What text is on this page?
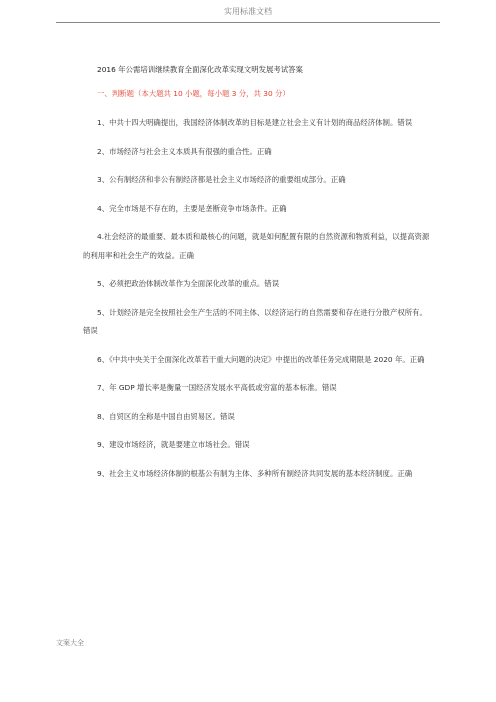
实用标准文档

2016 年公需培训继续教育全面深化改革实现文明发展考试答案

一、判断题（本大题共 10 小题，每小题 3 分，共 30 分）

1、中共十四大明确提出，我国经济体制改革的目标是建立社会主义有计划的商品经济体制。错误

2、市场经济与社会主义本质具有很强的重合性。正确

3、公有制经济和非公有制经济都是社会主义市场经济的重要组成部分。正确

4、完全市场是不存在的，主要是垄断竞争市场条件。正确

4.社会经济的最重要、最本质和最核心的问题，就是如何配置有限的自然资源和物质利益，以提高资源的利用率和社会生产的效益。正确

5、必须把政治体制改革作为全面深化改革的重点。错误

5、计划经济是完全按照社会生产生活的不同主体、以经济运行的自然需要和存在进行分散产权所有。错误

6、《中共中央关于全面深化改革若干重大问题的决定》中提出的改革任务完成期限是 2020 年。正确

7、年 GDP 增长率是衡量一国经济发展水平高低或穷富的基本标准。错误

8、自贸区的全称是中国自由贸易区。错误

9、建设市场经济，就是要建立市场社会。错误

9、社会主义市场经济体制的根基公有制为主体、多种所有制经济共同发展的基本经济制度。正确

文案大全
